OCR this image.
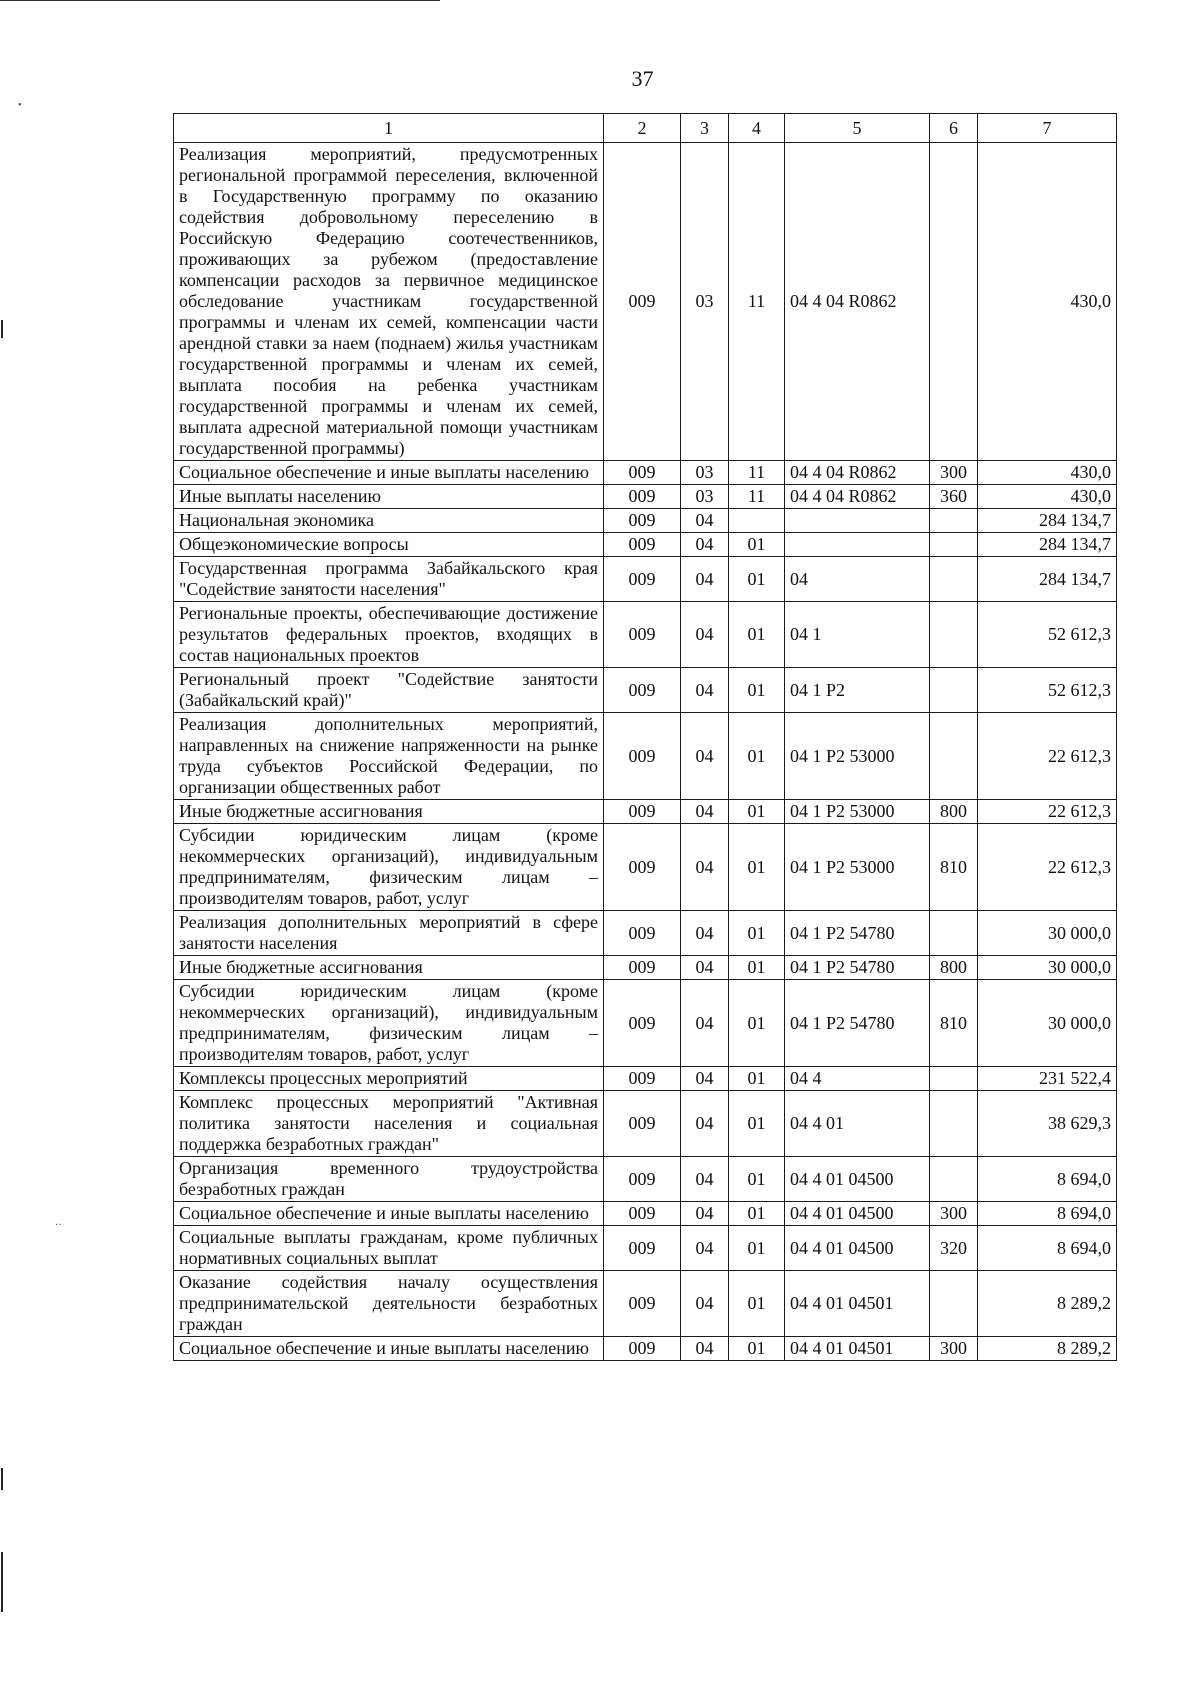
•
··
37
1	2	3	4	5	6	7
Реализация мероприятий, предусмотренных региональной программой переселения, включенной в Государственную программу по оказанию содействия добровольному переселению в Российскую Федерацию соотечественников, проживающих за рубежом (предоставление компенсации расходов за первичное медицинское обследование участникам государственной программы и членам их семей, компенсации части арендной ставки за наем (поднаем) жилья участникам государственной программы и членам их семей, выплата пособия на ребенка участникам государственной программы и членам их семей, выплата адресной материальной помощи участникам государственной программы)	009	03	11	04 4 04 R0862		430,0
Социальное обеспечение и иные выплаты населению	009	03	11	04 4 04 R0862	300	430,0
Иные выплаты населению	009	03	11	04 4 04 R0862	360	430,0
Национальная экономика	009	04				284 134,7
Общеэкономические вопросы	009	04	01			284 134,7
Государственная программа Забайкальского края "Содействие занятости населения"	009	04	01	04		284 134,7
Региональные проекты, обеспечивающие достижение результатов федеральных проектов, входящих в состав национальных проектов	009	04	01	04 1		52 612,3
Региональный проект "Содействие занятости (Забайкальский край)"	009	04	01	04 1 P2		52 612,3
Реализация дополнительных мероприятий, направленных на снижение напряженности на рынке труда субъектов Российской Федерации, по организации общественных работ	009	04	01	04 1 P2 53000		22 612,3
Иные бюджетные ассигнования	009	04	01	04 1 P2 53000	800	22 612,3
Субсидии юридическим лицам (кроме некоммерческих организаций), индивидуальным предпринимателям, физическим лицам – производителям товаров, работ, услуг	009	04	01	04 1 P2 53000	810	22 612,3
Реализация дополнительных мероприятий в сфере занятости населения	009	04	01	04 1 P2 54780		30 000,0
Иные бюджетные ассигнования	009	04	01	04 1 P2 54780	800	30 000,0
Субсидии юридическим лицам (кроме некоммерческих организаций), индивидуальным предпринимателям, физическим лицам – производителям товаров, работ, услуг	009	04	01	04 1 P2 54780	810	30 000,0
Комплексы процессных мероприятий	009	04	01	04 4		231 522,4
Комплекс процессных мероприятий "Активная политика занятости населения и социальная поддержка безработных граждан"	009	04	01	04 4 01		38 629,3
Организация временного трудоустройства безработных граждан	009	04	01	04 4 01 04500		8 694,0
Социальное обеспечение и иные выплаты населению	009	04	01	04 4 01 04500	300	8 694,0
Социальные выплаты гражданам, кроме публичных нормативных социальных выплат	009	04	01	04 4 01 04500	320	8 694,0
Оказание содействия началу осуществления предпринимательской деятельности безработных граждан	009	04	01	04 4 01 04501		8 289,2
Социальное обеспечение и иные выплаты населению	009	04	01	04 4 01 04501	300	8 289,2
